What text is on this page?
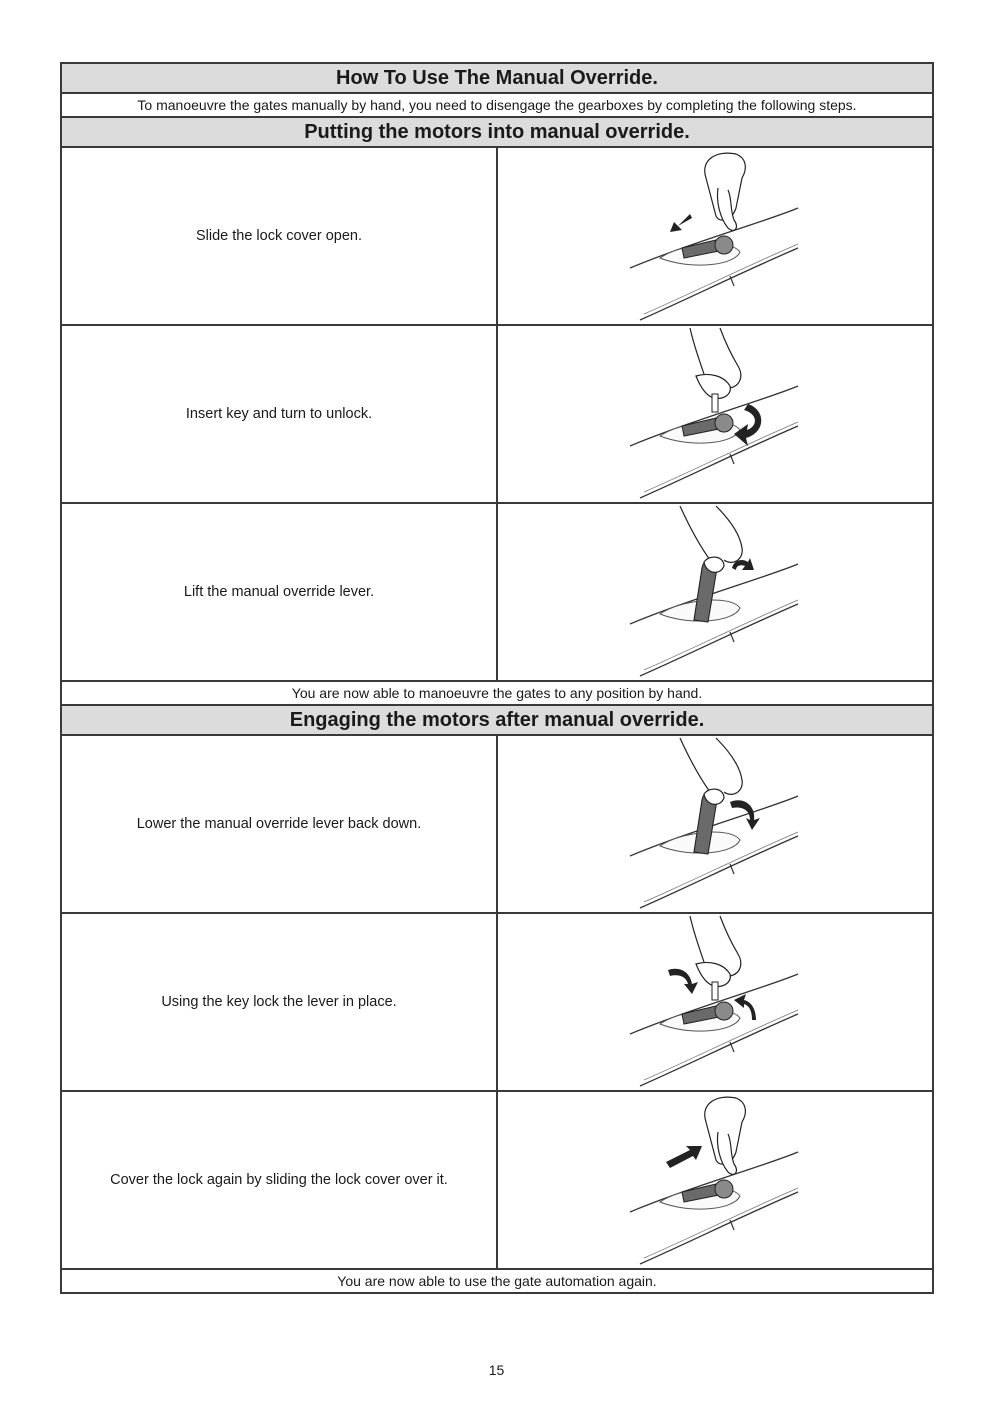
How To Use The Manual Override.	
To manoeuvre the gates manually by hand, you need to disengage the gearboxes by completing the following steps.	
Putting the motors into manual override.	
Slide the lock cover open.	

Insert key and turn to unlock.	

Lift the manual override lever.	

You are now able to manoeuvre the gates to any position by hand.	
Engaging the motors after manual override.	
Lower the manual override lever back down.	

Using the key lock the lever in place.	

Cover the lock again by sliding the lock cover over it.	

You are now able to use the gate automation again.	
15
